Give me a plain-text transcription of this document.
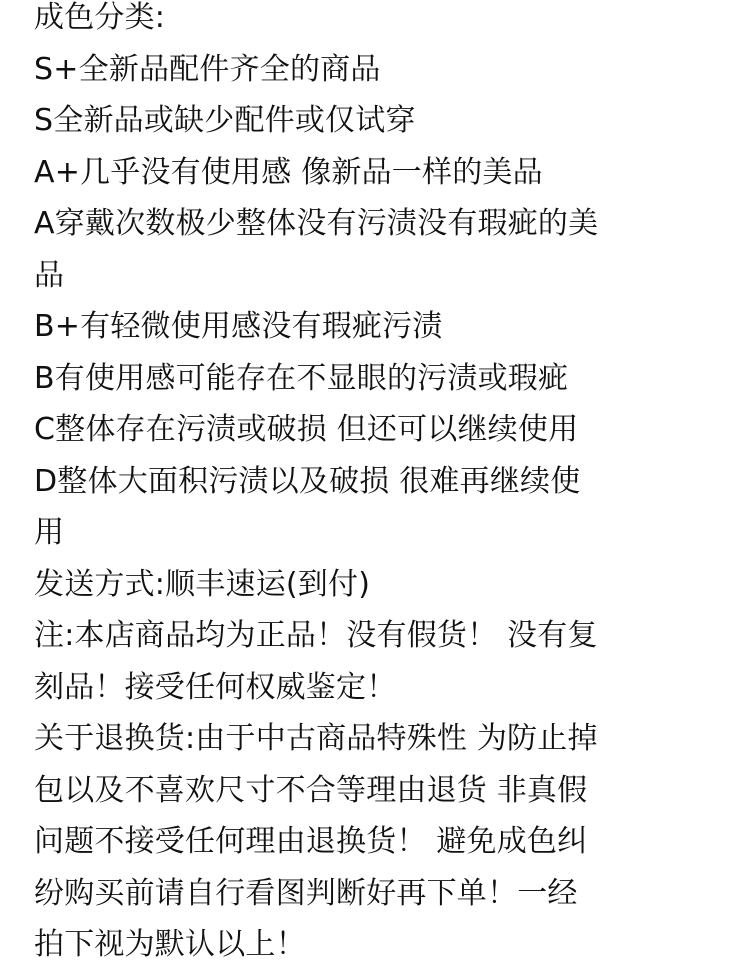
成色分类:
S+全新品配件齐全的商品
S全新品或缺少配件或仅试穿
A+几乎没有使用感 像新品一样的美品
A穿戴次数极少整体没有污渍没有瑕疵的美
品
B+有轻微使用感没有瑕疵污渍
B有使用感可能存在不显眼的污渍或瑕疵
C整体存在污渍或破损 但还可以继续使用
D整体大面积污渍以及破损 很难再继续使
用
发送方式:顺丰速运(到付)
注:本店商品均为正品！没有假货！ 没有复
刻品！接受任何权威鉴定！
关于退换货:由于中古商品特殊性 为防止掉
包以及不喜欢尺寸不合等理由退货 非真假
问题不接受任何理由退换货！ 避免成色纠
纷购买前请自行看图判断好再下单！一经
拍下视为默认以上！
